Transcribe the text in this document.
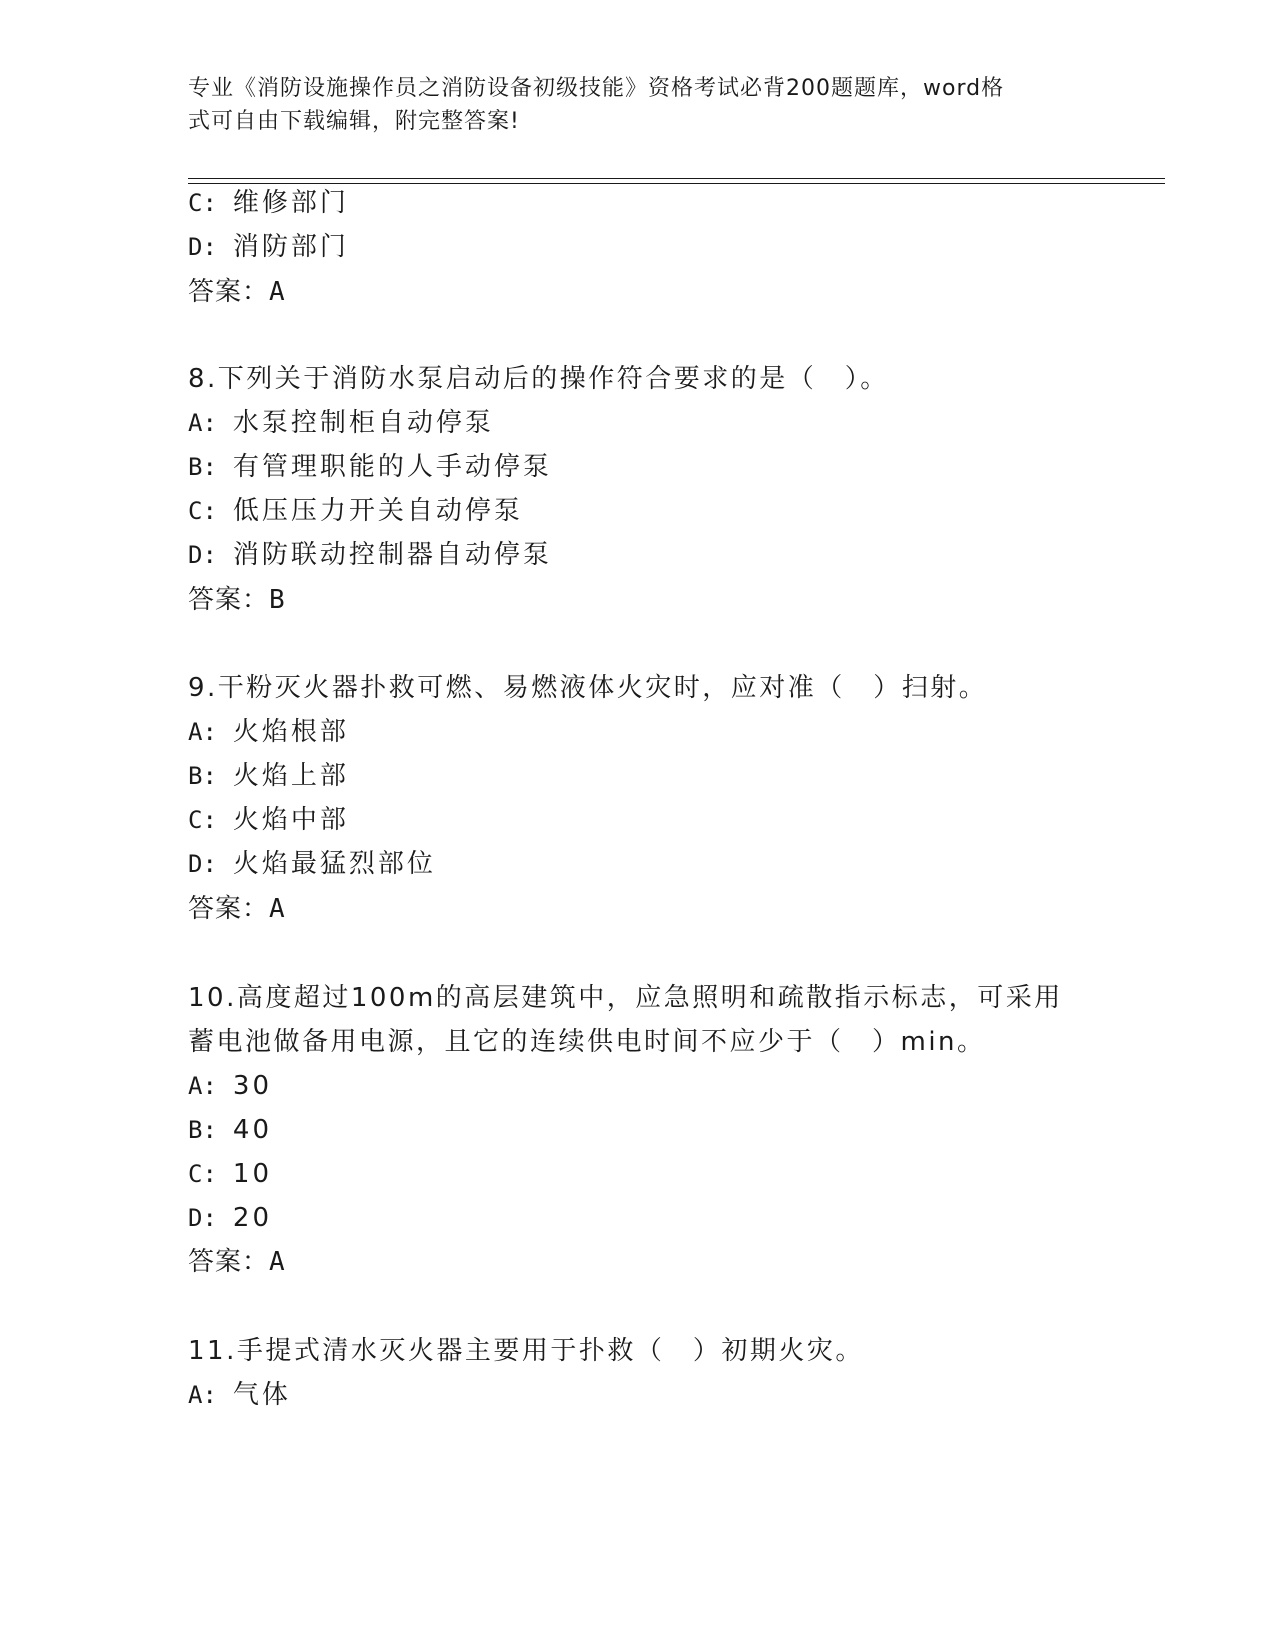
专业《消防设施操作员之消防设备初级技能》资格考试必背200题题库，word格
式可自由下载编辑，附完整答案!
C: 维修部门
D: 消防部门
答案：A
8.下列关于消防水泵启动后的操作符合要求的是（　）。
A: 水泵控制柜自动停泵
B: 有管理职能的人手动停泵
C: 低压压力开关自动停泵
D: 消防联动控制器自动停泵
答案：B
9.干粉灭火器扑救可燃、易燃液体火灾时，应对准（　）扫射。
A: 火焰根部
B: 火焰上部
C: 火焰中部
D: 火焰最猛烈部位
答案：A
10.高度超过100m的高层建筑中，应急照明和疏散指示标志，可采用
蓄电池做备用电源，且它的连续供电时间不应少于（　）min。
A: 30
B: 40
C: 10
D: 20
答案：A
11.手提式清水灭火器主要用于扑救（　）初期火灾。
A: 气体
